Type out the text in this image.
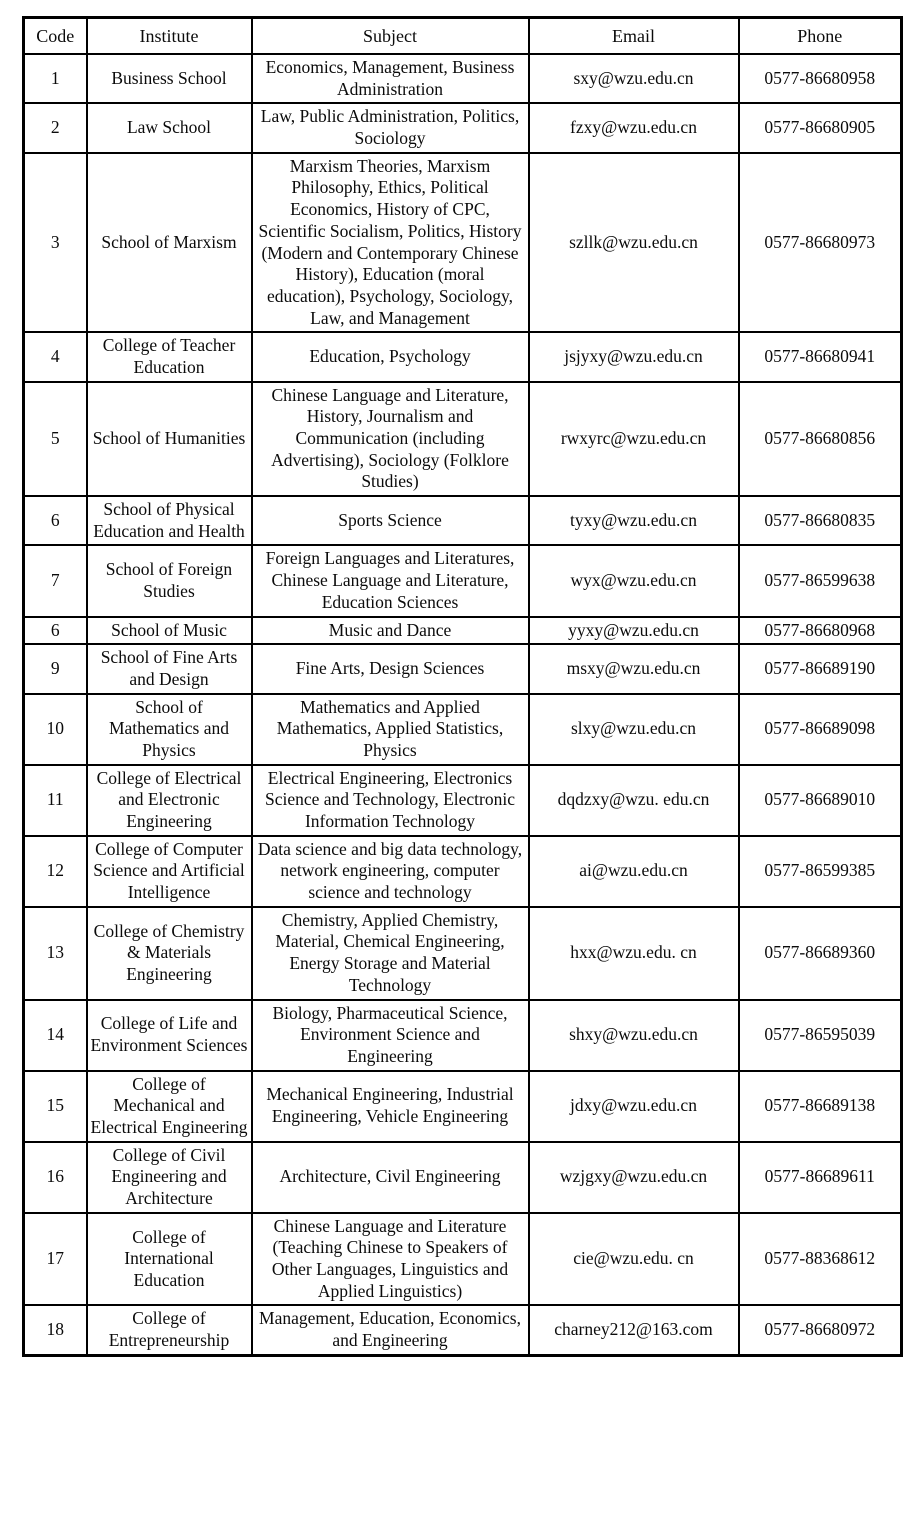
Code	Institute	Subject	Email	Phone
1	Business School	Economics, Management, Business Administration	sxy@wzu.edu.cn	0577-86680958
2	Law School	Law, Public Administration, Politics, Sociology	fzxy@wzu.edu.cn	0577-86680905
3	School of Marxism	Marxism Theories, Marxism Philosophy, Ethics, Political Economics, History of CPC, Scientific Socialism, Politics, History (Modern and Contemporary Chinese History), Education (moral education), Psychology, Sociology, Law, and Management	szllk@wzu.edu.cn	0577-86680973
4	College of Teacher Education	Education, Psychology	jsjyxy@wzu.edu.cn	0577-86680941
5	School of Humanities	Chinese Language and Literature, History, Journalism and Communication (including Advertising), Sociology (Folklore Studies)	rwxyrc@wzu.edu.cn	0577-86680856
6	School of Physical Education and Health	Sports Science	tyxy@wzu.edu.cn	0577-86680835
7	School of Foreign Studies	Foreign Languages and Literatures, Chinese Language and Literature, Education Sciences	wyx@wzu.edu.cn	0577-86599638
6	School of Music	Music and Dance	yyxy@wzu.edu.cn	0577-86680968
9	School of Fine Arts and Design	Fine Arts, Design Sciences	msxy@wzu.edu.cn	0577-86689190
10	School of Mathematics and Physics	Mathematics and Applied Mathematics, Applied Statistics, Physics	slxy@wzu.edu.cn	0577-86689098
11	College of Electrical and Electronic Engineering	Electrical Engineering, Electronics Science and Technology, Electronic Information Technology	dqdzxy@wzu. edu.cn	0577-86689010
12	College of Computer Science and Artificial Intelligence	Data science and big data technology, network engineering, computer science and technology	ai@wzu.edu.cn	0577-86599385
13	College of Chemistry & Materials Engineering	Chemistry, Applied Chemistry, Material, Chemical Engineering, Energy Storage and Material Technology	hxx@wzu.edu. cn	0577-86689360
14	College of Life and Environment Sciences	Biology, Pharmaceutical Science, Environment Science and Engineering	shxy@wzu.edu.cn	0577-86595039
15	College of Mechanical and Electrical Engineering	Mechanical Engineering, Industrial Engineering, Vehicle Engineering	jdxy@wzu.edu.cn	0577-86689138
16	College of Civil Engineering and Architecture	Architecture, Civil Engineering	wzjgxy@wzu.edu.cn	0577-86689611
17	College of International Education	Chinese Language and Literature (Teaching Chinese to Speakers of Other Languages, Linguistics and Applied Linguistics)	cie@wzu.edu. cn	0577-88368612
18	College of Entrepreneurship	Management, Education, Economics, and Engineering	charney212@163.com	0577-86680972
